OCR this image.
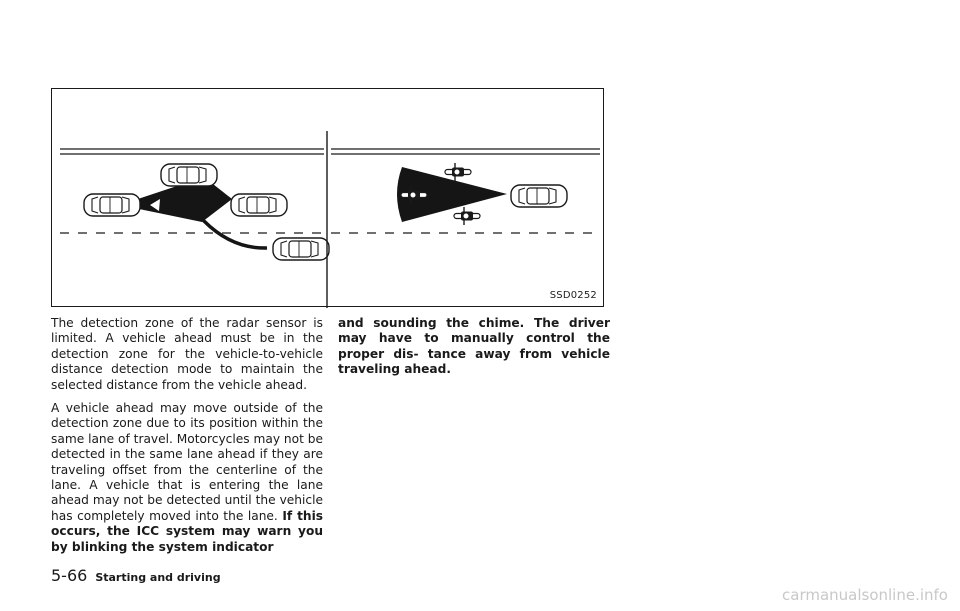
SSD0252

The detection zone of the radar sensor is limited. A vehicle ahead must be in the detection zone for the vehicle-to-vehicle distance detection mode to maintain the selected distance from the vehicle ahead.

A vehicle ahead may move outside of the detection zone due to its position within the same lane of travel. Motorcycles may not be detected in the same lane ahead if they are traveling offset from the centerline of the lane. A vehicle that is entering the lane ahead may not be detected until the vehicle has completely moved into the lane. If this occurs, the ICC system may warn you by blinking the system indicator

and sounding the chime. The driver may have to manually control the proper dis- tance away from vehicle traveling ahead.

5-66 Starting and driving
carmanualsonline.info
